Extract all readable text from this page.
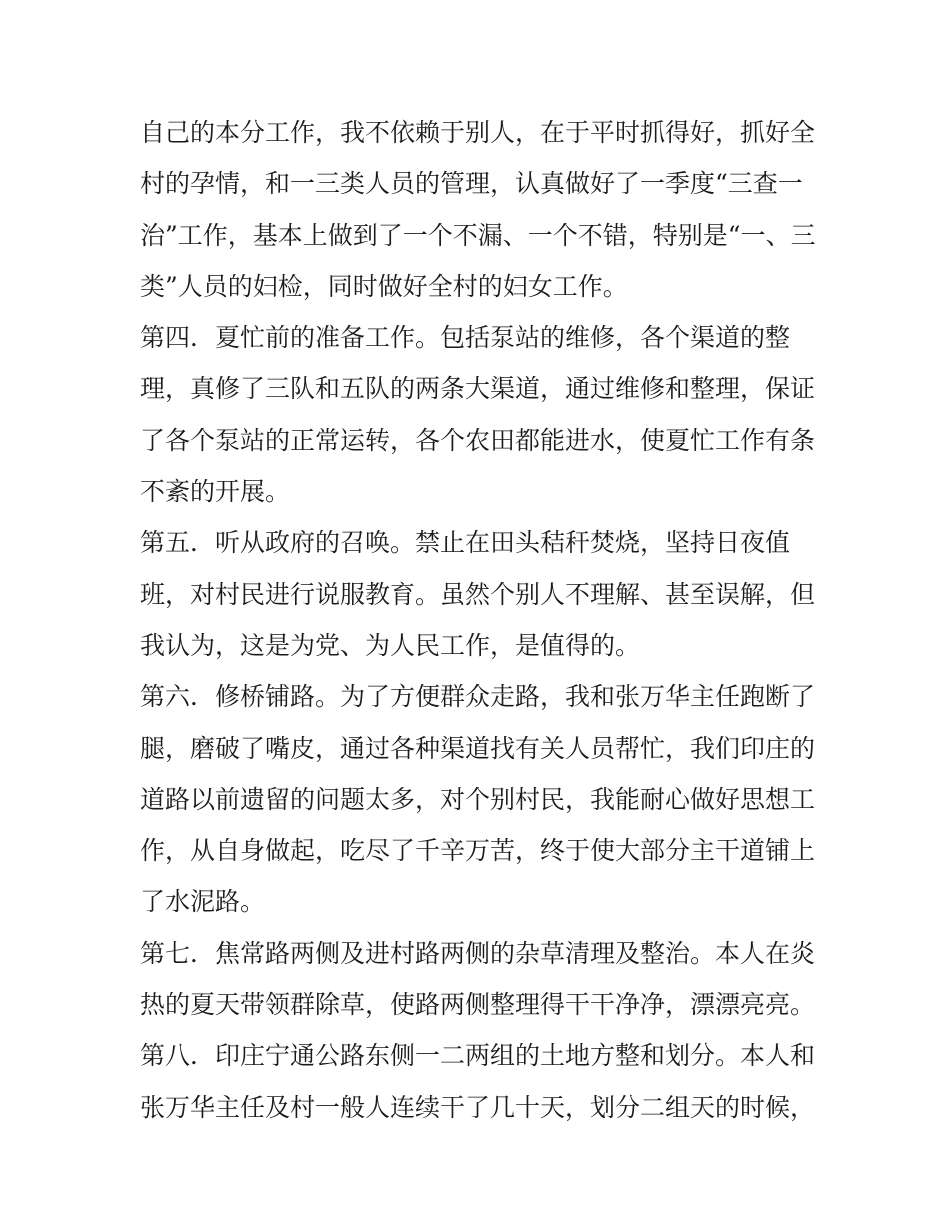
自己的本分工作，我不依赖于别人，在于平时抓得好，抓好全
村的孕情，和一三类人员的管理，认真做好了一季度“三查一
治”工作，基本上做到了一个不漏、一个不错，特别是“一、三
类”人员的妇检，同时做好全村的妇女工作。
第四．夏忙前的准备工作。包括泵站的维修，各个渠道的整
理，真修了三队和五队的两条大渠道，通过维修和整理，保证
了各个泵站的正常运转，各个农田都能进水，使夏忙工作有条
不紊的开展。
第五．听从政府的召唤。禁止在田头秸秆焚烧，坚持日夜值
班，对村民进行说服教育。虽然个别人不理解、甚至误解，但
我认为，这是为党、为人民工作，是值得的。
第六．修桥铺路。为了方便群众走路，我和张万华主任跑断了
腿，磨破了嘴皮，通过各种渠道找有关人员帮忙，我们印庄的
道路以前遗留的问题太多，对个别村民，我能耐心做好思想工
作，从自身做起，吃尽了千辛万苦，终于使大部分主干道铺上
了水泥路。
第七．焦常路两侧及进村路两侧的杂草清理及整治。本人在炎
热的夏天带领群除草，使路两侧整理得干干净净，漂漂亮亮。
第八．印庄宁通公路东侧一二两组的土地方整和划分。本人和
张万华主任及村一般人连续干了几十天，划分二组天的时候，
